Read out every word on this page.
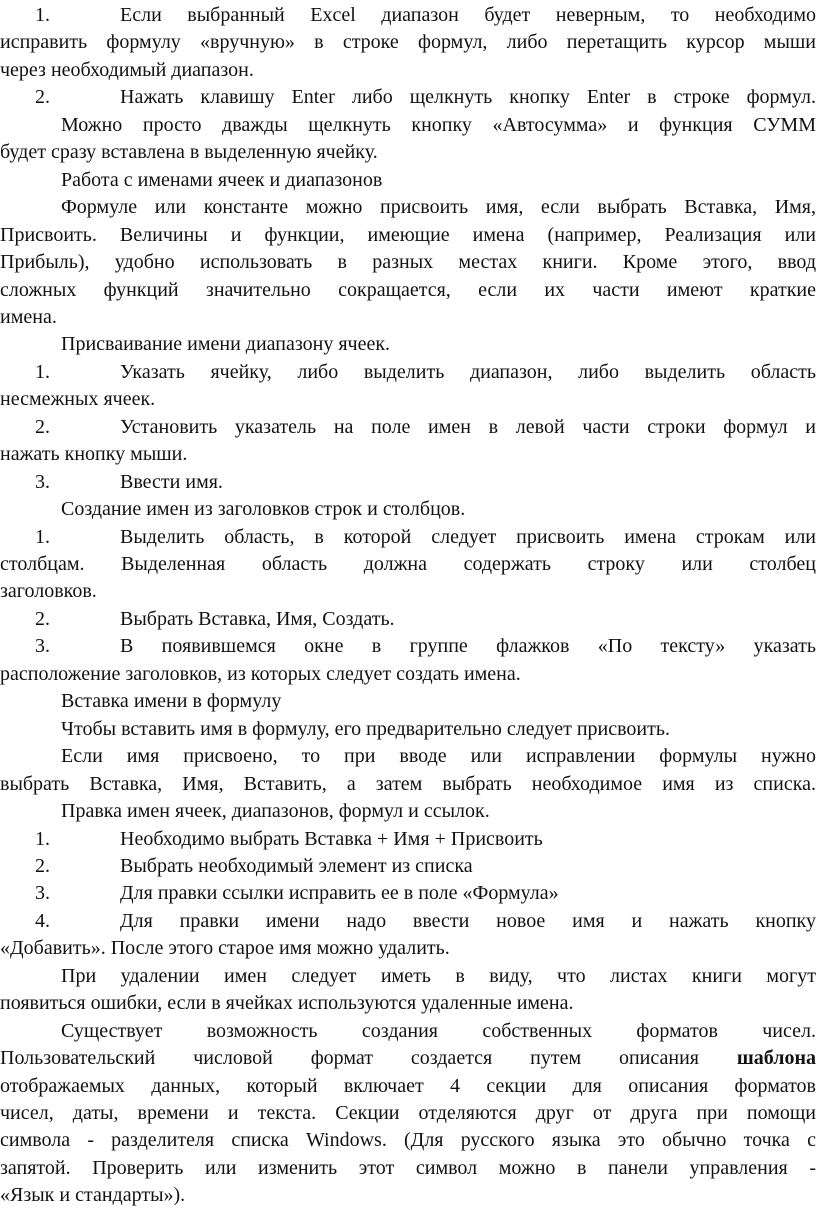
1.	Если выбранный Excel диапазон будет неверным, то необходимо
исправить формулу «вручную» в строке формул, либо перетащить курсор мыши
через необходимый диапазон.
2.	Нажать клавишу Enter либо щелкнуть кнопку Enter в строке формул.
Можно просто дважды щелкнуть кнопку «Автосумма» и функция СУММ
будет сразу вставлена в выделенную ячейку.
Работа с именами ячеек и диапазонов
Формуле или константе можно присвоить имя, если выбрать Вставка, Имя,
Присвоить. Величины и функции, имеющие имена (например, Реализация или
Прибыль), удобно использовать в разных местах книги. Кроме этого, ввод
сложных функций значительно сокращается, если их части имеют краткие
имена.
Присваивание имени диапазону ячеек.
1.	Указать ячейку, либо выделить диапазон, либо выделить область
несмежных ячеек.
2.	Установить указатель на поле имен в левой части строки формул и
нажать кнопку мыши.
3.	Ввести имя.
Создание имен из заголовков строк и столбцов.
1.	Выделить область, в которой следует присвоить имена строкам или
столбцам. Выделенная область должна содержать строку или столбец
заголовков.
2.	Выбрать Вставка, Имя, Создать.
3.	В появившемся окне в группе флажков «По тексту» указать
расположение заголовков, из которых следует создать имена.
Вставка имени в формулу
Чтобы вставить имя в формулу, его предварительно следует присвоить.
Если имя присвоено, то при вводе или исправлении формулы нужно
выбрать Вставка, Имя, Вставить, а затем выбрать необходимое имя из списка.
Правка имен ячеек, диапазонов, формул и ссылок.
1.	Необходимо выбрать Вставка + Имя + Присвоить
2.	Выбрать необходимый элемент из списка
3.	Для правки ссылки исправить ее в поле «Формула»
4.	Для правки имени надо ввести новое имя и нажать кнопку
«Добавить». После этого старое имя можно удалить.
При удалении имен следует иметь в виду, что листах книги могут
появиться ошибки, если в ячейках используются удаленные имена.
Существует возможность создания собственных форматов чисел.
Пользовательский числовой формат создается путем описания шаблона
отображаемых данных, который включает 4 секции для описания форматов
чисел, даты, времени и текста. Секции отделяются друг от друга при помощи
символа - разделителя списка Windows. (Для русского языка это обычно точка с
запятой. Проверить или изменить этот символ можно в панели управления -
«Язык и стандарты»).
